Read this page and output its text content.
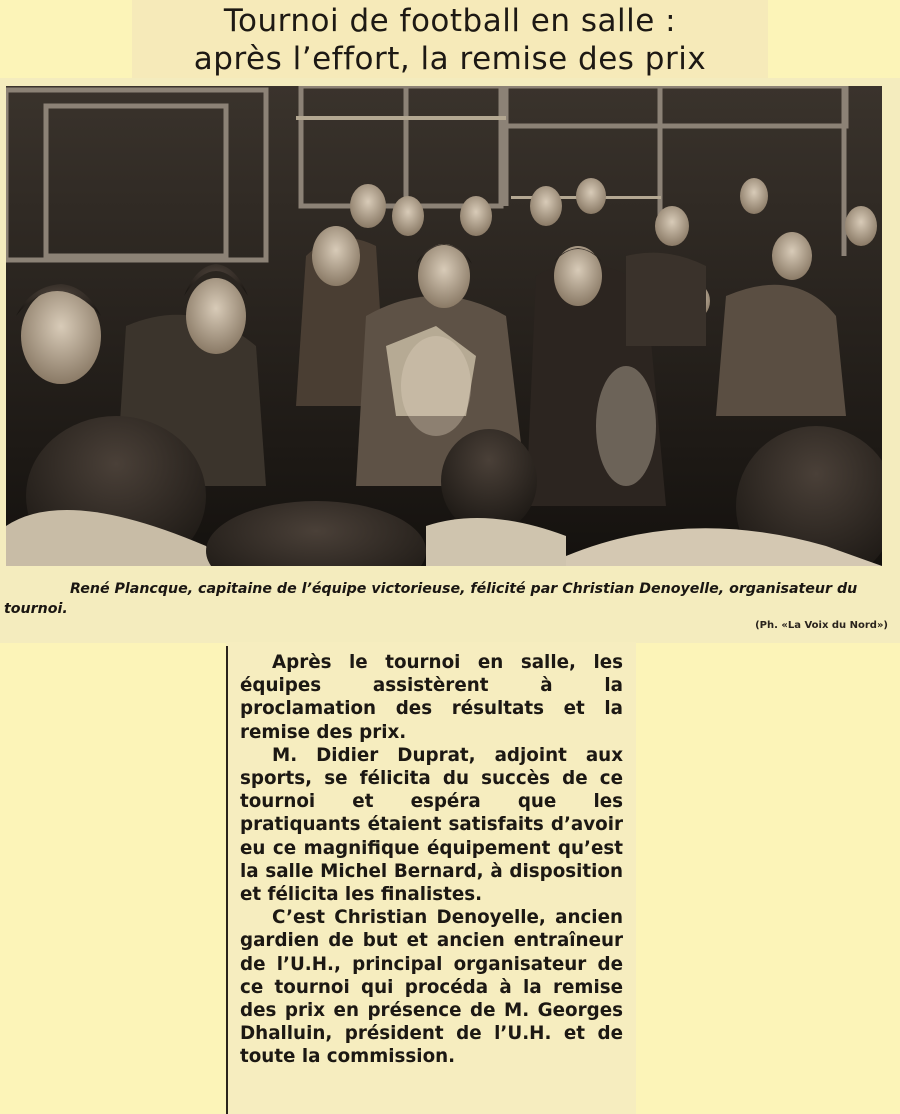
Tournoi de football en salle :
après l’effort, la remise des prix

René Plancque, capitaine de l’équipe victorieuse, félicité par Christian Denoyelle, organisateur du tournoi.

(Ph. «La Voix du Nord»)

Après le tournoi en salle, les équipes assistèrent à la proclamation des résultats et la remise des prix.

M. Didier Duprat, adjoint aux sports, se félicita du succès de ce tournoi et espéra que les pratiquants étaient satisfaits d’avoir eu ce magnifique équipement qu’est la salle Michel Bernard, à disposition et félicita les finalistes.

C’est Christian Denoyelle, ancien gardien de but et ancien entraîneur de l’U.H., principal organisateur de ce tournoi qui procéda à la remise des prix en présence de M. Georges Dhalluin, président de l’U.H. et de toute la commission.
